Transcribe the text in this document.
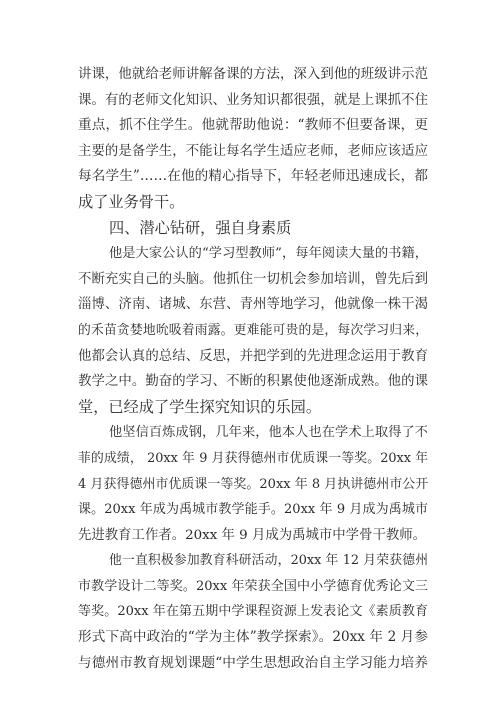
讲课，他就给老师讲解备课的方法，深入到他的班级讲示范
课。有的老师文化知识、业务知识都很强，就是上课抓不住
重点，抓不住学生。他就帮助他说：“教师不但要备课，更
主要的是备学生，不能让每名学生适应老师，老师应该适应
每名学生”……在他的精心指导下，年轻老师迅速成长，都
成了业务骨干。
四、潜心钻研，强自身素质
他是大家公认的“学习型教师”，每年阅读大量的书籍，
不断充实自己的头脑。他抓住一切机会参加培训，曾先后到
淄博、济南、诸城、东营、青州等地学习，他就像一株干渴
的禾苗贪婪地吮吸着雨露。更难能可贵的是，每次学习归来，
他都会认真的总结、反思，并把学到的先进理念运用于教育
教学之中。勤奋的学习、不断的积累使他逐渐成熟。他的课
堂，已经成了学生探究知识的乐园。
他坚信百炼成钢，几年来，他本人也在学术上取得了不
菲的成绩， 20xx 年 9 月获得德州市优质课一等奖。20xx 年
4 月获得德州市优质课一等奖。20xx 年 8 月执讲德州市公开
课。20xx 年成为禹城市教学能手。20xx 年 9 月成为禹城市
先进教育工作者。20xx 年 9 月成为禹城市中学骨干教师。
他一直积极参加教育科研活动，20xx 年 12 月荣获德州
市教学设计二等奖。20xx 年荣获全国中小学德育优秀论文三
等奖。20xx 年在第五期中学课程资源上发表论文《素质教育
形式下高中政治的“学为主体”教学探索》。20xx 年 2 月参
与德州市教育规划课题“中学生思想政治自主学习能力培养
